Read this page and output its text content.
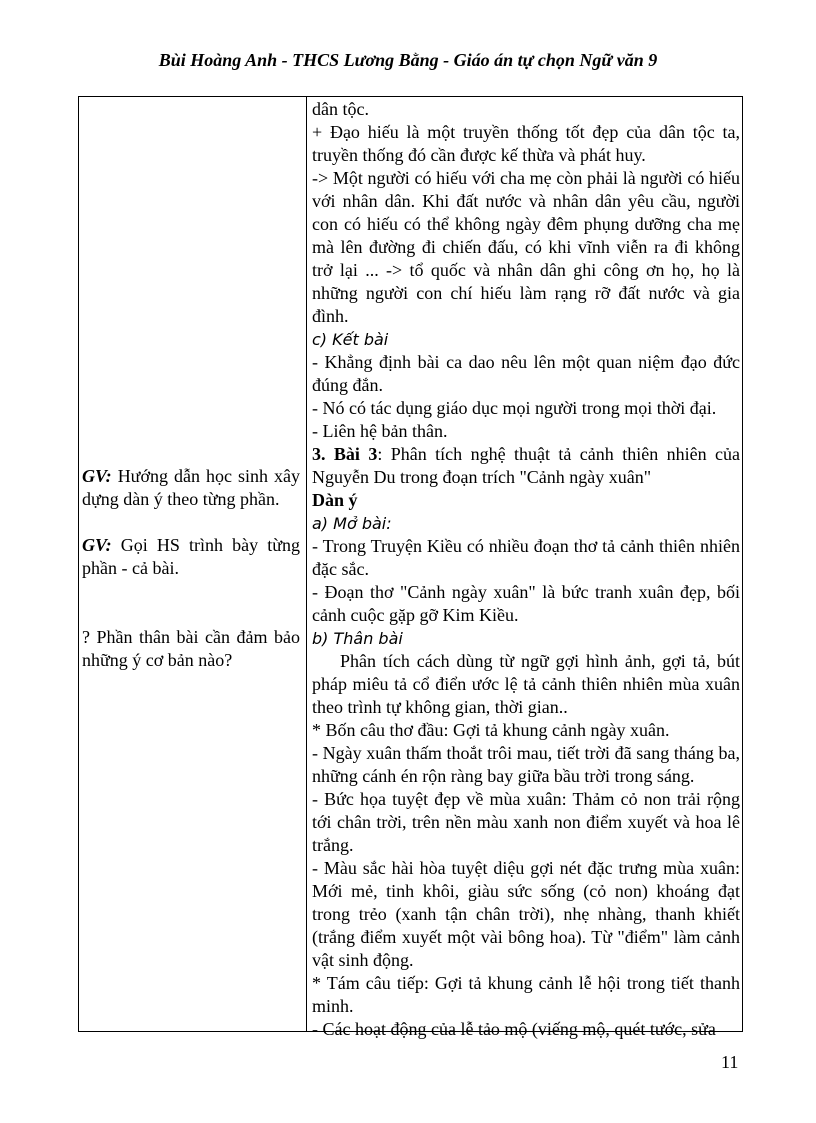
Bùi Hoàng Anh - THCS Lương Bằng - Giáo án tự chọn Ngữ văn 9
GV: Hướng dẫn học sinh xây dựng dàn ý theo từng phần.
GV: Gọi HS trình bày từng phần - cả bài.
? Phần thân bài cần đảm bảo những ý cơ bản nào?
dân tộc.
+ Đạo hiếu là một truyền thống tốt đẹp của dân tộc ta, truyền thống đó cần được kế thừa và phát huy.
-> Một người có hiếu với cha mẹ còn phải là người có hiếu với nhân dân. Khi đất nước và nhân dân yêu cầu, người con có hiếu có thể không ngày đêm phụng dưỡng cha mẹ mà lên đường đi chiến đấu, có khi vĩnh viễn ra đi không trở lại ... -> tổ quốc và nhân dân ghi công ơn họ, họ là những người con chí hiếu làm rạng rỡ đất nước và gia đình.
c) Kết bài
- Khẳng định bài ca dao nêu lên một quan niệm đạo đức đúng đắn.
- Nó có tác dụng giáo dục mọi người trong mọi thời đại.
- Liên hệ bản thân.
3. Bài 3: Phân tích nghệ thuật tả cảnh thiên nhiên của Nguyễn Du trong đoạn trích "Cảnh ngày xuân"
Dàn ý
a) Mở bài:
- Trong Truyện Kiều có nhiều đoạn thơ tả cảnh thiên nhiên đặc sắc.
- Đoạn thơ "Cảnh ngày xuân" là bức tranh xuân đẹp, bối cảnh cuộc gặp gỡ Kim Kiều.
b) Thân bài
Phân tích cách dùng từ ngữ gợi hình ảnh, gợi tả, bút pháp miêu tả cổ điển ước lệ tả cảnh thiên nhiên mùa xuân theo trình tự không gian, thời gian..
* Bốn câu thơ đầu: Gợi tả khung cảnh ngày xuân.
- Ngày xuân thấm thoắt trôi mau, tiết trời đã sang tháng ba, những cánh én rộn ràng bay giữa bầu trời trong sáng.
- Bức họa tuyệt đẹp về mùa xuân: Thảm cỏ non trải rộng tới chân trời, trên nền màu xanh non điểm xuyết và hoa lê trắng.
- Màu sắc hài hòa tuyệt diệu gợi nét đặc trưng mùa xuân: Mới mẻ, tinh khôi, giàu sức sống (cỏ non) khoáng đạt trong trẻo (xanh tận chân trời), nhẹ nhàng, thanh khiết (trắng điểm xuyết một vài bông hoa). Từ "điểm" làm cảnh vật sinh động.
* Tám câu tiếp: Gợi tả khung cảnh lễ hội trong tiết thanh minh.
- Các hoạt động của lễ tảo mộ (viếng mộ, quét tước, sửa
11
